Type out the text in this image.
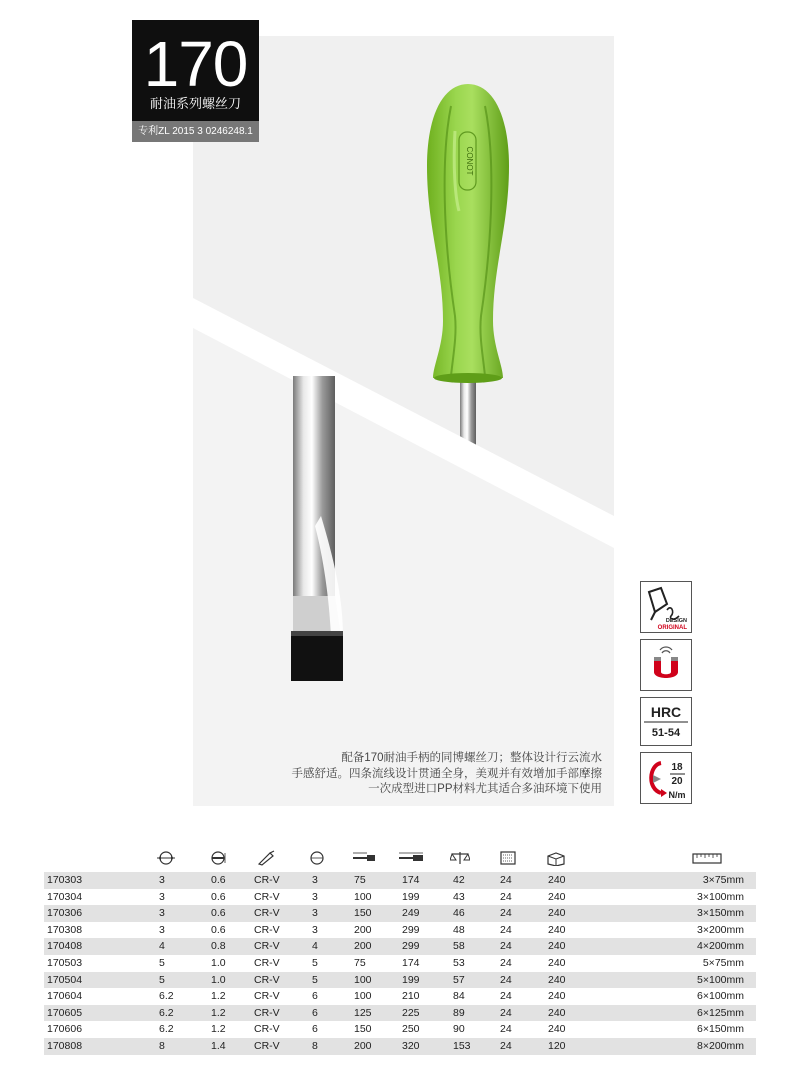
CONOT
170
耐油系列螺丝刀
专利ZL 2015 3 0246248.1
配备170耐油手柄的同博螺丝刀；整体设计行云流水
手感舒适。四条流线设计贯通全身，美观并有效增加手部摩擦
一次成型进口PP材料尤其适合多油环境下使用
DESIGN
ORIGINAL
HRC
51-54
18
20
N/m
170303	3	0.6	CR-V	3	75	174	42	24	240	3×75mm
170304	3	0.6	CR-V	3	100	199	43	24	240	3×100mm
170306	3	0.6	CR-V	3	150	249	46	24	240	3×150mm
170308	3	0.6	CR-V	3	200	299	48	24	240	3×200mm
170408	4	0.8	CR-V	4	200	299	58	24	240	4×200mm
170503	5	1.0	CR-V	5	75	174	53	24	240	5×75mm
170504	5	1.0	CR-V	5	100	199	57	24	240	5×100mm
170604	6.2	1.2	CR-V	6	100	210	84	24	240	6×100mm
170605	6.2	1.2	CR-V	6	125	225	89	24	240	6×125mm
170606	6.2	1.2	CR-V	6	150	250	90	24	240	6×150mm
170808	8	1.4	CR-V	8	200	320	153	24	120	8×200mm
